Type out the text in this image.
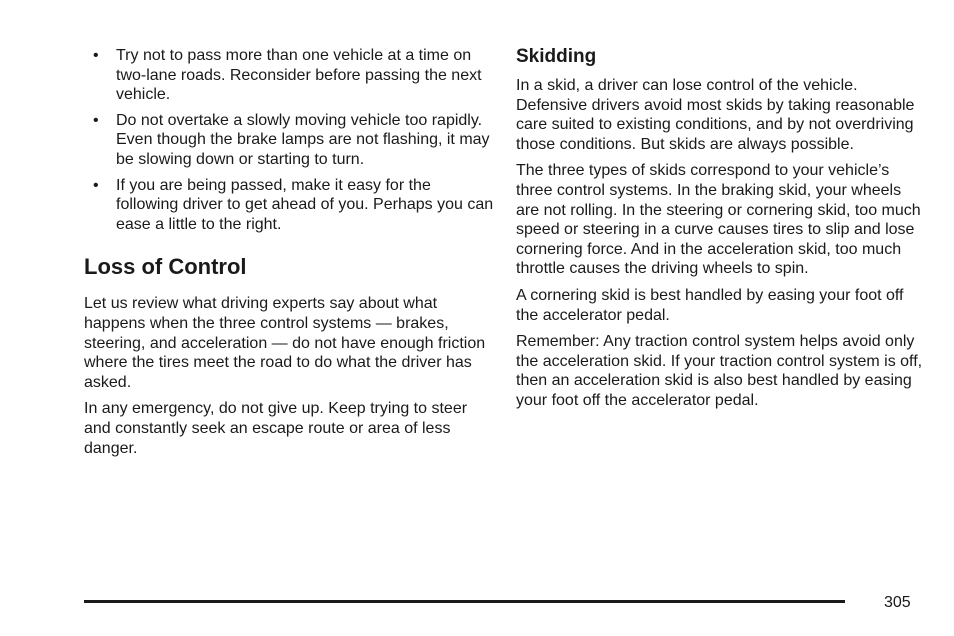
• Try not to pass more than one vehicle at a time on two-lane roads. Reconsider before passing the next vehicle.
• Do not overtake a slowly moving vehicle too rapidly. Even though the brake lamps are not flashing, it may be slowing down or starting to turn.
• If you are being passed, make it easy for the following driver to get ahead of you. Perhaps you can ease a little to the right.
Loss of Control

Let us review what driving experts say about what happens when the three control systems — brakes, steering, and acceleration — do not have enough friction where the tires meet the road to do what the driver has asked.

In any emergency, do not give up. Keep trying to steer and constantly seek an escape route or area of less danger.

Skidding

In a skid, a driver can lose control of the vehicle. Defensive drivers avoid most skids by taking reasonable care suited to existing conditions, and by not overdriving those conditions. But skids are always possible.

The three types of skids correspond to your vehicle’s three control systems. In the braking skid, your wheels are not rolling. In the steering or cornering skid, too much speed or steering in a curve causes tires to slip and lose cornering force. And in the acceleration skid, too much throttle causes the driving wheels to spin.

A cornering skid is best handled by easing your foot off the accelerator pedal.

Remember: Any traction control system helps avoid only the acceleration skid. If your traction control system is off, then an acceleration skid is also best handled by easing your foot off the accelerator pedal.

305
